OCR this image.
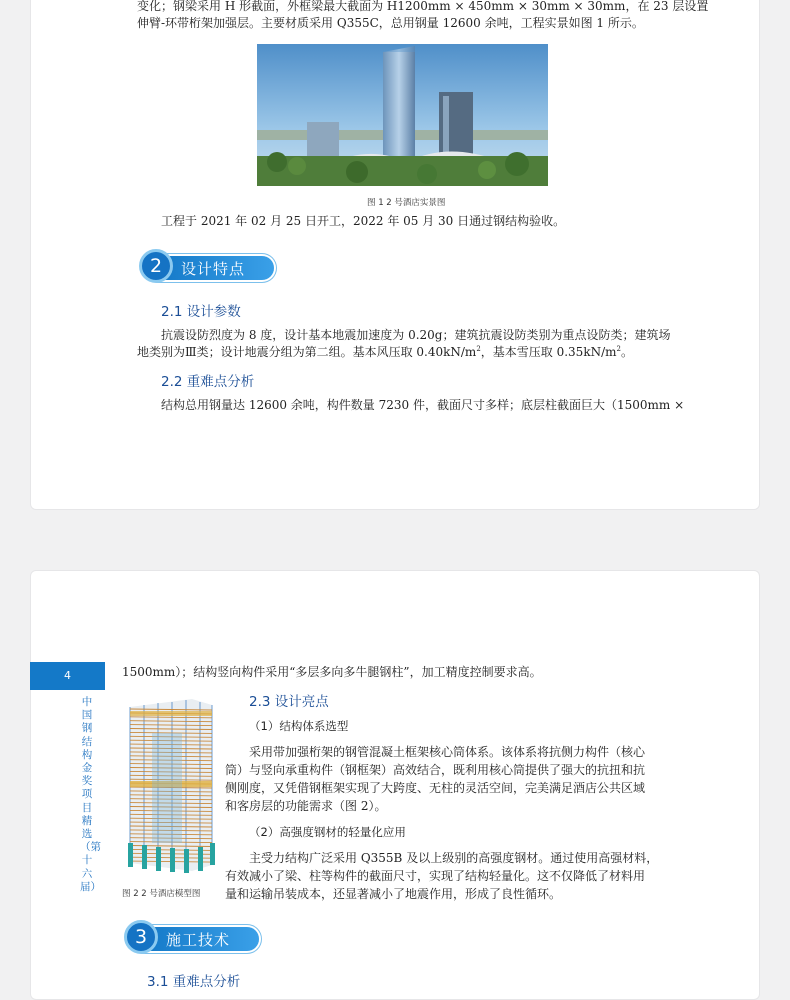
变化；钢梁采用 H 形截面，外框梁最大截面为 H1200mm × 450mm × 30mm × 30mm，在 23 层设置

伸臂-环带桁架加强层。主要材质采用 Q355C，总用钢量 12600 余吨，工程实景如图 1 所示。

图 1 2 号酒店实景图

工程于 2021 年 02 月 25 日开工，2022 年 05 月 30 日通过钢结构验收。

设计特点
2
2.1 设计参数

抗震设防烈度为 8 度，设计基本地震加速度为 0.20g；建筑抗震设防类别为重点设防类；建筑场

地类别为Ⅲ类；设计地震分组为第二组。基本风压取 $0.40kN/m^2$，基本雪压取 $0.35kN/m^2$。

2.2 重难点分析

结构总用钢量达 12600 余吨，构件数量 7230 件，截面尺寸多样；底层柱截面巨大（1500mm ×

4
中国钢结构金奖项目精选（第十六届）

1500mm）；结构竖向构件采用“多层多向多牛腿钢柱”，加工精度控制要求高。

图 2 2 号酒店模型图
2.3 设计亮点
（1）结构体系选型

采用带加强桁架的钢管混凝土框架核心筒体系。该体系将抗侧力构件（核心

筒）与竖向承重构件（钢框架）高效结合，既利用核心筒提供了强大的抗扭和抗

侧刚度，又凭借钢框架实现了大跨度、无柱的灵活空间，完美满足酒店公共区域

和客房层的功能需求（图 2）。

（2）高强度钢材的轻量化应用

主受力结构广泛采用 Q355B 及以上级别的高强度钢材。通过使用高强材料，

有效减小了梁、柱等构件的截面尺寸，实现了结构轻量化。这不仅降低了材料用

量和运输吊装成本，还显著减小了地震作用，形成了良性循环。

施工技术
3
3.1 重难点分析
